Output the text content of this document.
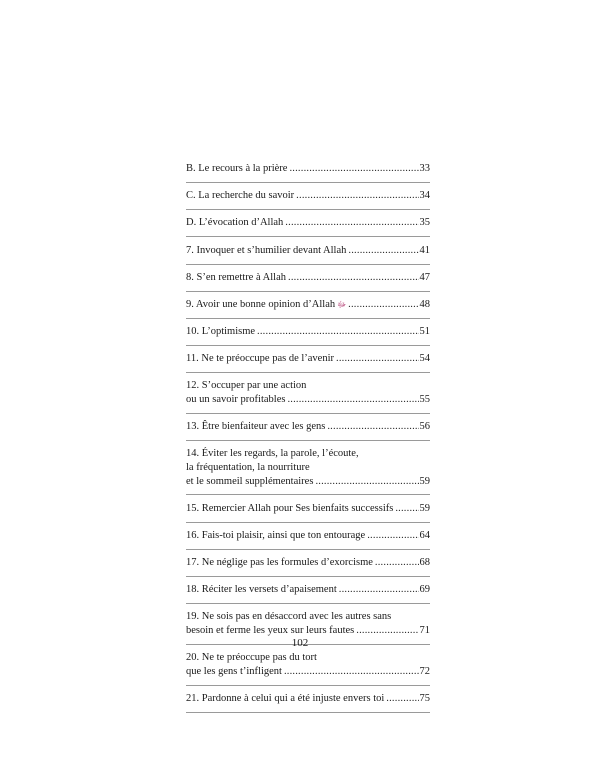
B. Le recours à la prière .....	33
C. La recherche du savoir .....	34
D. L’évocation d’Allah .....	35
7. Invoquer et s’humilier devant Allah .....	41
8. S’en remettre à Allah .....	47
9. Avoir une bonne opinion d’Allah ﷻ .....	48
10. L’optimisme .....	51
11. Ne te préoccupe pas de l’avenir .....	54
12. S’occuper par une action
ou un savoir profitables .....	55
13. Être bienfaiteur avec les gens .....	56
14. Éviter les regards, la parole, l’écoute,
la fréquentation, la nourriture
et le sommeil supplémentaires .....	59
15. Remercier Allah pour Ses bienfaits successifs ..... 59
16. Fais-toi plaisir, ainsi que ton entourage .....	64
17. Ne néglige pas les formules d’exorcisme .....	68
18. Réciter les versets d’apaisement .....	69
19. Ne sois pas en désaccord avec les autres sans
besoin et ferme les yeux sur leurs fautes .....	71
20. Ne te préoccupe pas du tort
que les gens t’infligent .....	72
21. Pardonne à celui qui a été injuste envers toi .....	75
102
